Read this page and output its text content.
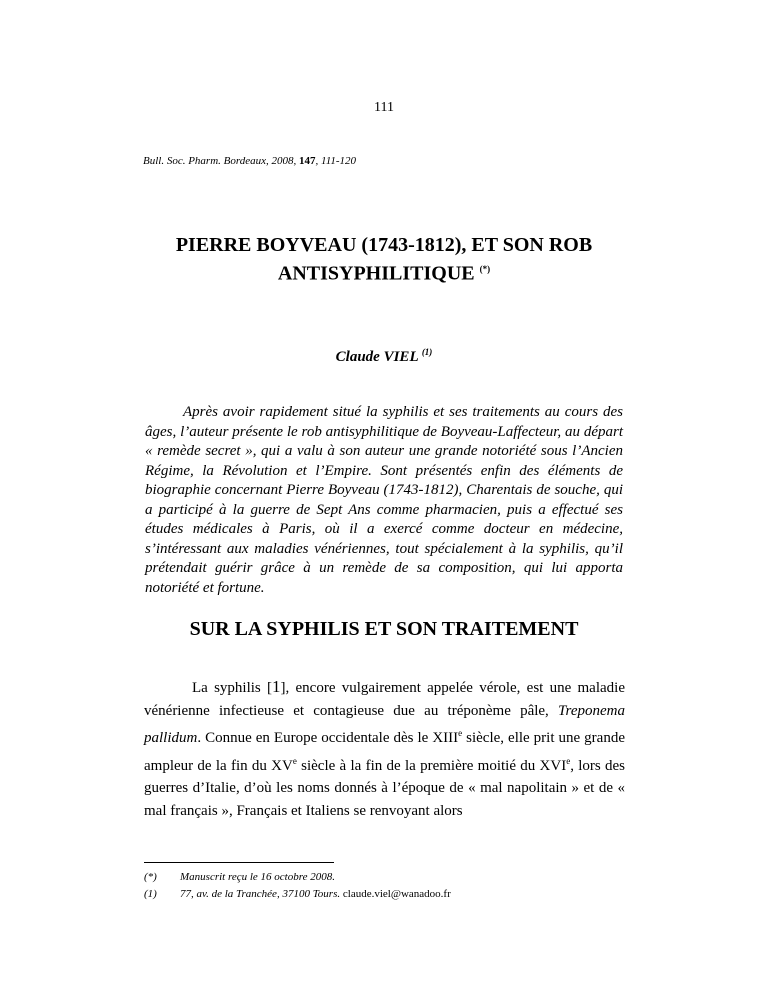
111
Bull. Soc. Pharm. Bordeaux, 2008, 147, 111-120
PIERRE BOYVEAU (1743-1812), ET SON ROB
ANTISYPHILITIQUE (*)
Claude VIEL $^{(1)}$

Après avoir rapidement situé la syphilis et ses traitements au cours des âges, l’auteur présente le rob antisyphilitique de Boyveau-Laffecteur, au départ « remède secret », qui a valu à son auteur une grande notoriété sous l’Ancien Régime, la Révolution et l’Empire. Sont présentés enfin des éléments de biographie concernant Pierre Boyveau (1743-1812), Charentais de souche, qui a participé à la guerre de Sept Ans comme pharmacien, puis a effectué ses études médicales à Paris, où il a exercé comme docteur en médecine, s’intéressant aux maladies vénériennes, tout spécialement à la syphilis, qu’il prétendait guérir grâce à un remède de sa composition, qui lui apporta notoriété et fortune.

SUR LA SYPHILIS ET SON TRAITEMENT

La syphilis [1], encore vulgairement appelée vérole, est une maladie vénérienne infectieuse et contagieuse due au tréponème pâle, Treponema pallidum. Connue en Europe occidentale dès le XIIIe siècle, elle prit une grande ampleur de la fin du XVe siècle à la fin de la première moitié du XVIe, lors des guerres d’Italie, d’où les noms donnés à l’époque de « mal napolitain » et de « mal français », Français et Italiens se renvoyant alors

(*) Manuscrit reçu le 16 octobre 2008.
(1) 77, av. de la Tranchée, 37100 Tours. claude.viel@wanadoo.fr
